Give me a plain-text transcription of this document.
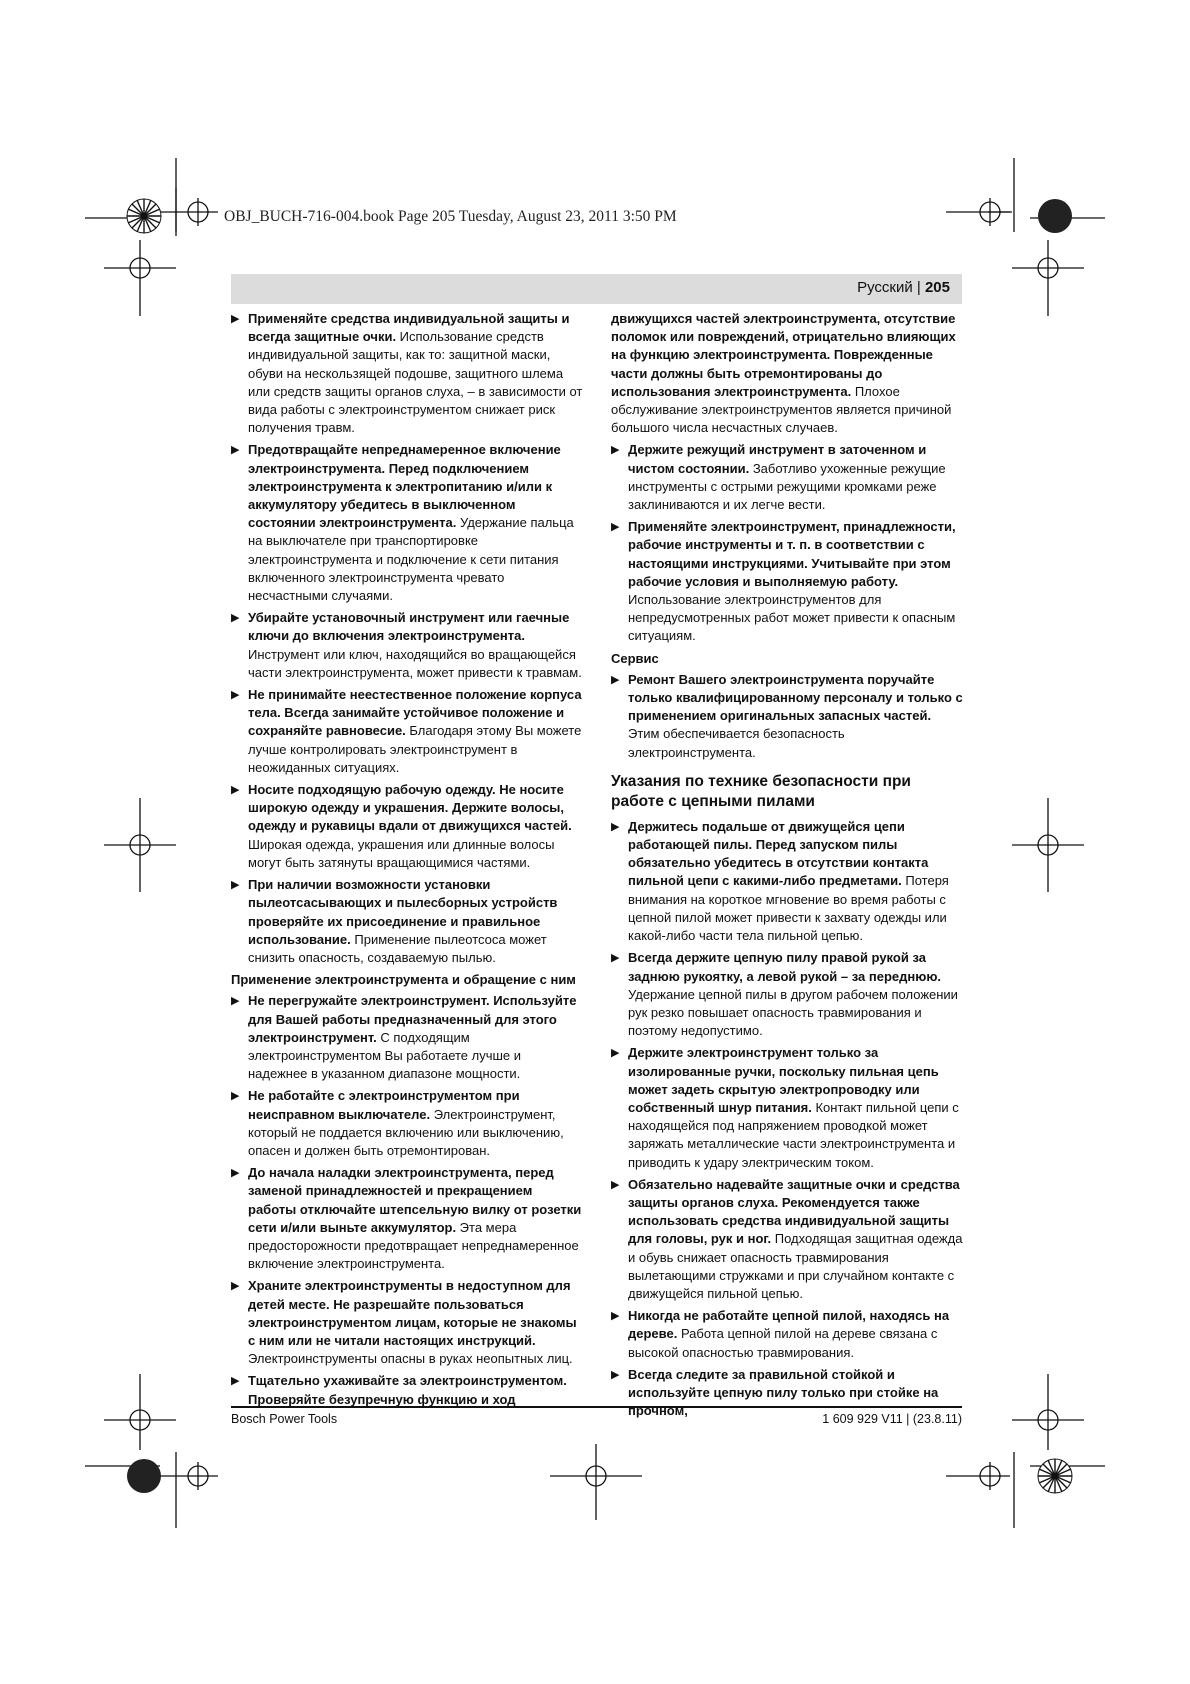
OBJ_BUCH-716-004.book Page 205 Tuesday, August 23, 2011 3:50 PM
Русский | 205
▶ Применяйте средства индивидуальной защиты и всегда защитные очки. Использование средств индивидуальной защиты, как то: защитной маски, обуви на нескользящей подошве, защитного шлема или средств защиты органов слуха, – в зависимости от вида работы с электроинструментом снижает риск получения травм.
▶ Предотвращайте непреднамеренное включение электроинструмента. Перед подключением электроинструмента к электропитанию и/или к аккумулятору убедитесь в выключенном состоянии электроинструмента. Удержание пальца на выключателе при транспортировке электроинструмента и подключение к сети питания включенного электроинструмента чревато несчастными случаями.
▶ Убирайте установочный инструмент или гаечные ключи до включения электроинструмента. Инструмент или ключ, находящийся во вращающейся части электроинструмента, может привести к травмам.
▶ Не принимайте неестественное положение корпуса тела. Всегда занимайте устойчивое положение и сохраняйте равновесие. Благодаря этому Вы можете лучше контролировать электроинструмент в неожиданных ситуациях.
▶ Носите подходящую рабочую одежду. Не носите широкую одежду и украшения. Держите волосы, одежду и рукавицы вдали от движущихся частей. Широкая одежда, украшения или длинные волосы могут быть затянуты вращающимися частями.
▶ При наличии возможности установки пылеотсасывающих и пылесборных устройств проверяйте их присоединение и правильное использование. Применение пылеотсоса может снизить опасность, создаваемую пылью.
Применение электроинструмента и обращение с ним
▶ Не перегружайте электроинструмент. Используйте для Вашей работы предназначенный для этого электроинструмент. С подходящим электроинструментом Вы работаете лучше и надежнее в указанном диапазоне мощности.
▶ Не работайте с электроинструментом при неисправном выключателе. Электроинструмент, который не поддается включению или выключению, опасен и должен быть отремонтирован.
▶ До начала наладки электроинструмента, перед заменой принадлежностей и прекращением работы отключайте штепсельную вилку от розетки сети и/или выньте аккумулятор. Эта мера предосторожности предотвращает непреднамеренное включение электроинструмента.
▶ Храните электроинструменты в недоступном для детей месте. Не разрешайте пользоваться электроинструментом лицам, которые не знакомы с ним или не читали настоящих инструкций. Электроинструменты опасны в руках неопытных лиц.
▶ Тщательно ухаживайте за электроинструментом. Проверяйте безупречную функцию и ход
движущихся частей электроинструмента, отсутствие поломок или повреждений, отрицательно влияющих на функцию электроинструмента. Поврежденные части должны быть отремонтированы до использования электроинструмента. Плохое обслуживание электроинструментов является причиной большого числа несчастных случаев.
▶ Держите режущий инструмент в заточенном и чистом состоянии. Заботливо ухоженные режущие инструменты с острыми режущими кромками реже заклиниваются и их легче вести.
▶ Применяйте электроинструмент, принадлежности, рабочие инструменты и т. п. в соответствии с настоящими инструкциями. Учитывайте при этом рабочие условия и выполняемую работу. Использование электроинструментов для непредусмотренных работ может привести к опасным ситуациям.
Сервис
▶ Ремонт Вашего электроинструмента поручайте только квалифицированному персоналу и только с применением оригинальных запасных частей. Этим обеспечивается безопасность электроинструмента.
Указания по технике безопасности при работе с цепными пилами
▶ Держитесь подальше от движущейся цепи работающей пилы. Перед запуском пилы обязательно убедитесь в отсутствии контакта пильной цепи с какими-либо предметами. Потеря внимания на короткое мгновение во время работы с цепной пилой может привести к захвату одежды или какой-либо части тела пильной цепью.
▶ Всегда держите цепную пилу правой рукой за заднюю рукоятку, а левой рукой – за переднюю. Удержание цепной пилы в другом рабочем положении рук резко повышает опасность травмирования и поэтому недопустимо.
▶ Держите электроинструмент только за изолированные ручки, поскольку пильная цепь может задеть скрытую электропроводку или собственный шнур питания. Контакт пильной цепи с находящейся под напряжением проводкой может заряжать металлические части электроинструмента и приводить к удару электрическим током.
▶ Обязательно надевайте защитные очки и средства защиты органов слуха. Рекомендуется также использовать средства индивидуальной защиты для головы, рук и ног. Подходящая защитная одежда и обувь снижает опасность травмирования вылетающими стружками и при случайном контакте с движущейся пильной цепью.
▶ Никогда не работайте цепной пилой, находясь на дереве. Работа цепной пилой на дереве связана с высокой опасностью травмирования.
▶ Всегда следите за правильной стойкой и используйте цепную пилу только при стойке на прочном,
Bosch Power Tools	1 609 929 V11 | (23.8.11)
